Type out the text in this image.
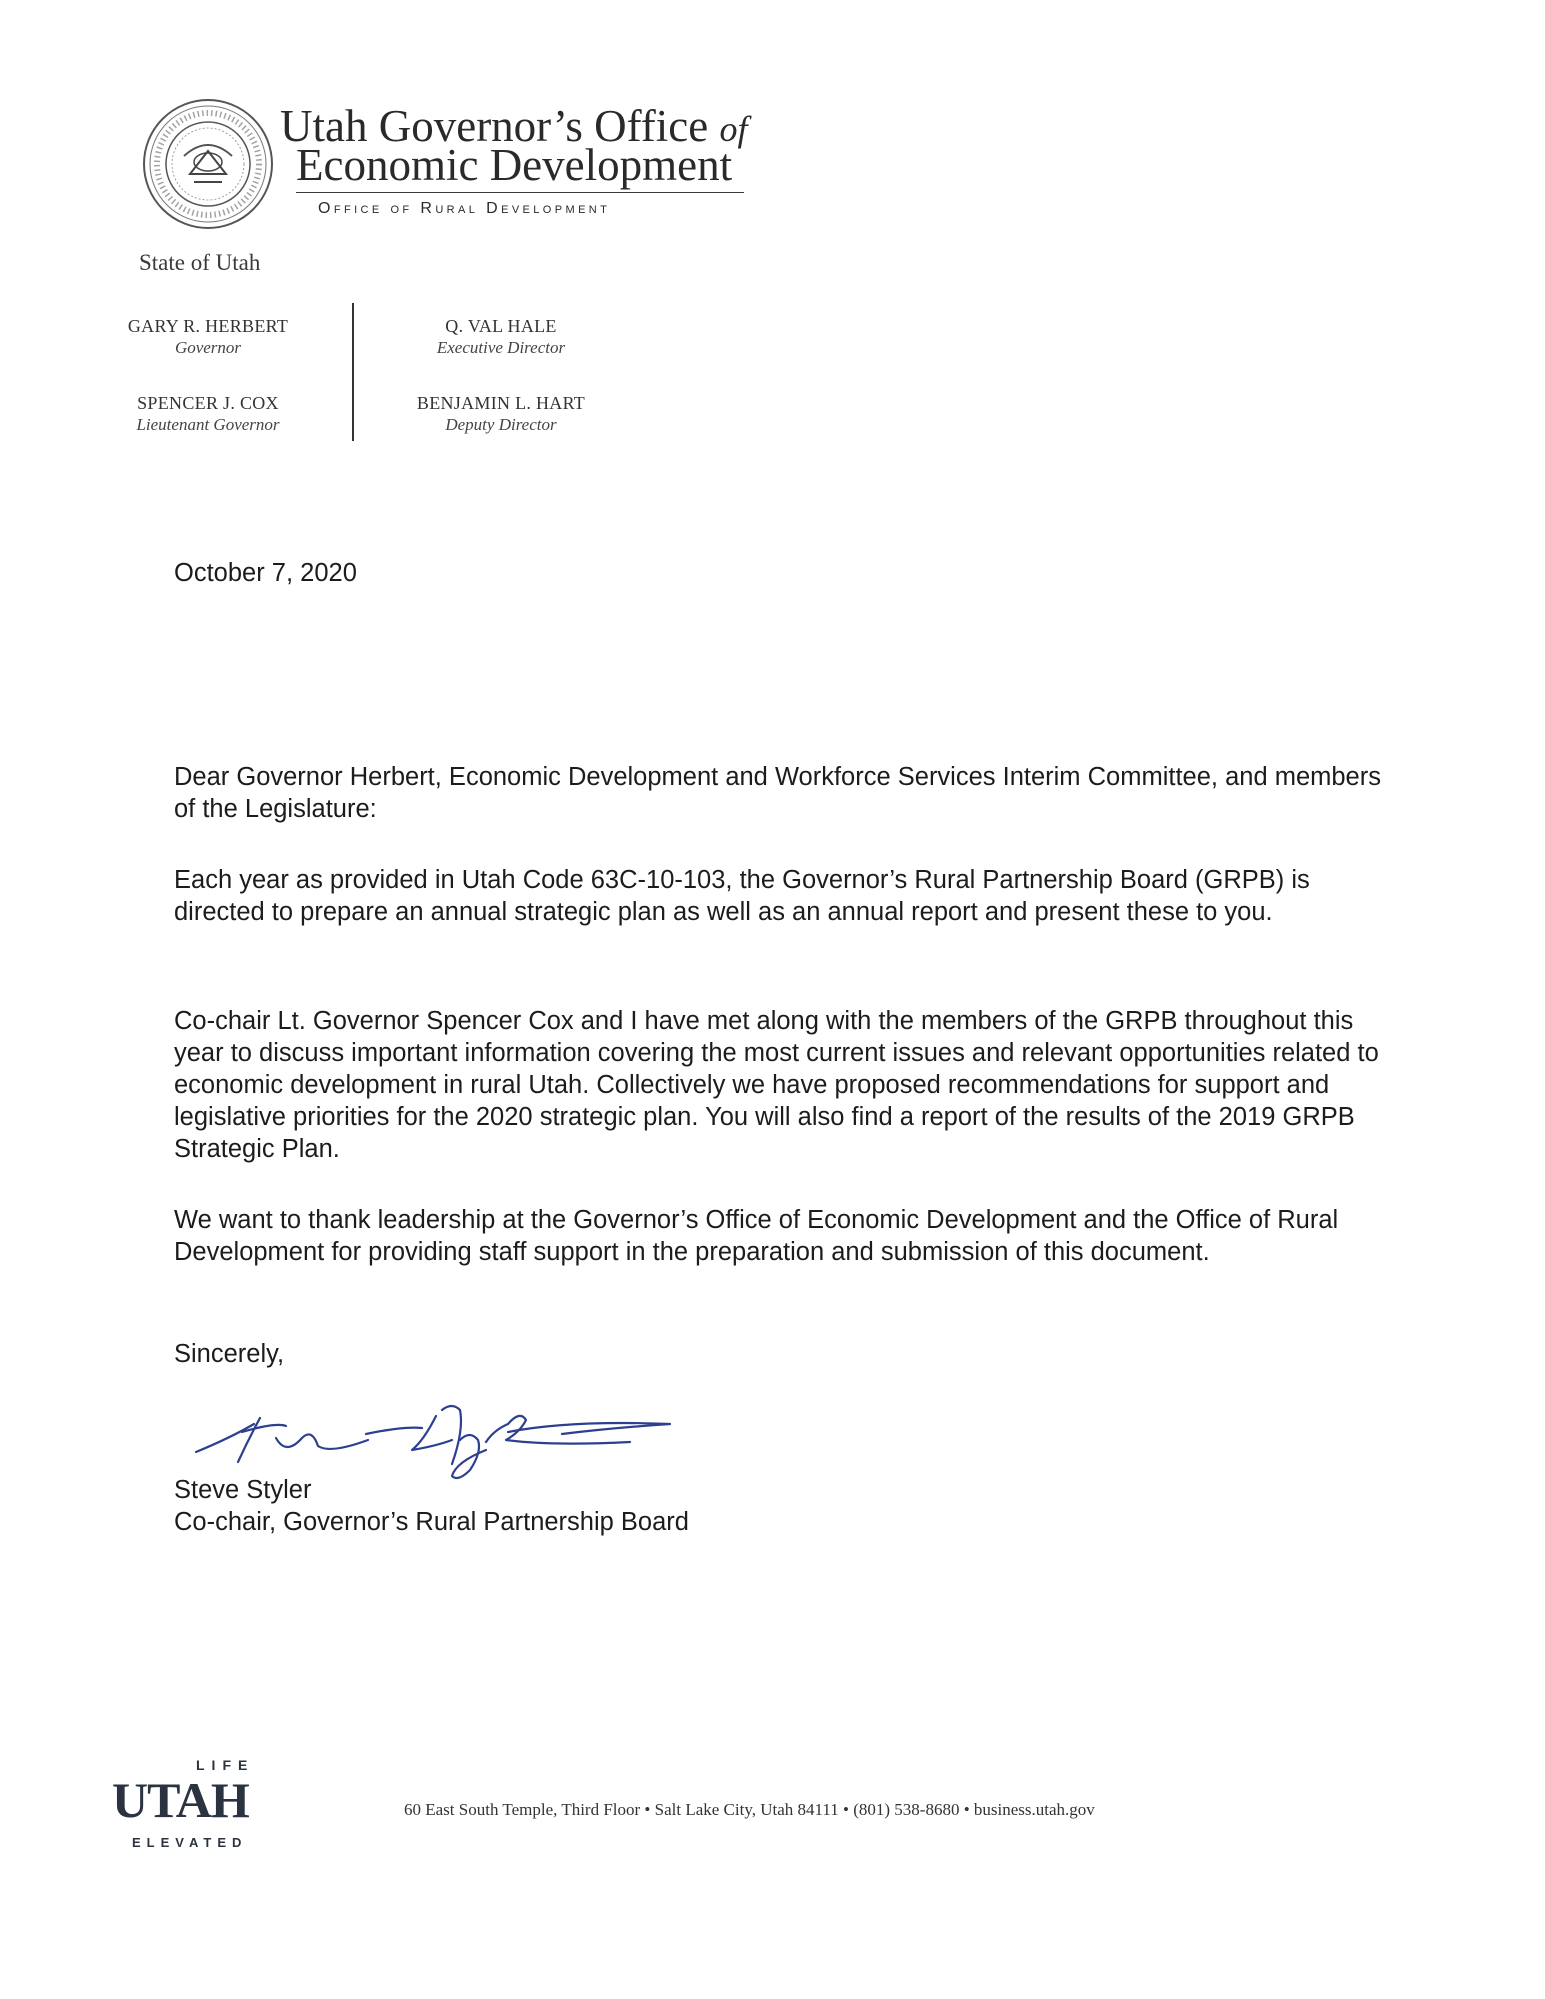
Utah Governor’s Office of
Economic Development
Office of Rural Development
State of Utah
GARY R. HERBERT
Governor
SPENCER J. COX
Lieutenant Governor
Q. VAL HALE
Executive Director
BENJAMIN L. HART
Deputy Director
October 7, 2020
Dear Governor Herbert, Economic Development and Workforce Services Interim Committee, and members of the Legislature:
Each year as provided in Utah Code 63C-10-103, the Governor’s Rural Partnership Board (GRPB) is directed to prepare an annual strategic plan as well as an annual report and present these to you.
Co-chair Lt. Governor Spencer Cox and I have met along with the members of the GRPB throughout this year to discuss important information covering the most current issues and relevant opportunities related to economic development in rural Utah. Collectively we have proposed recommendations for support and legislative priorities for the 2020 strategic plan. You will also find a report of the results of the 2019 GRPB Strategic Plan.
We want to thank leadership at the Governor’s Office of Economic Development and the Office of Rural Development for providing staff support in the preparation and submission of this document.
Sincerely,
Steve Styler
Co-chair, Governor’s Rural Partnership Board
LIFE
UTAH
ELEVATED
60 East South Temple, Third Floor • Salt Lake City, Utah 84111 • (801) 538-8680 • business.utah.gov
